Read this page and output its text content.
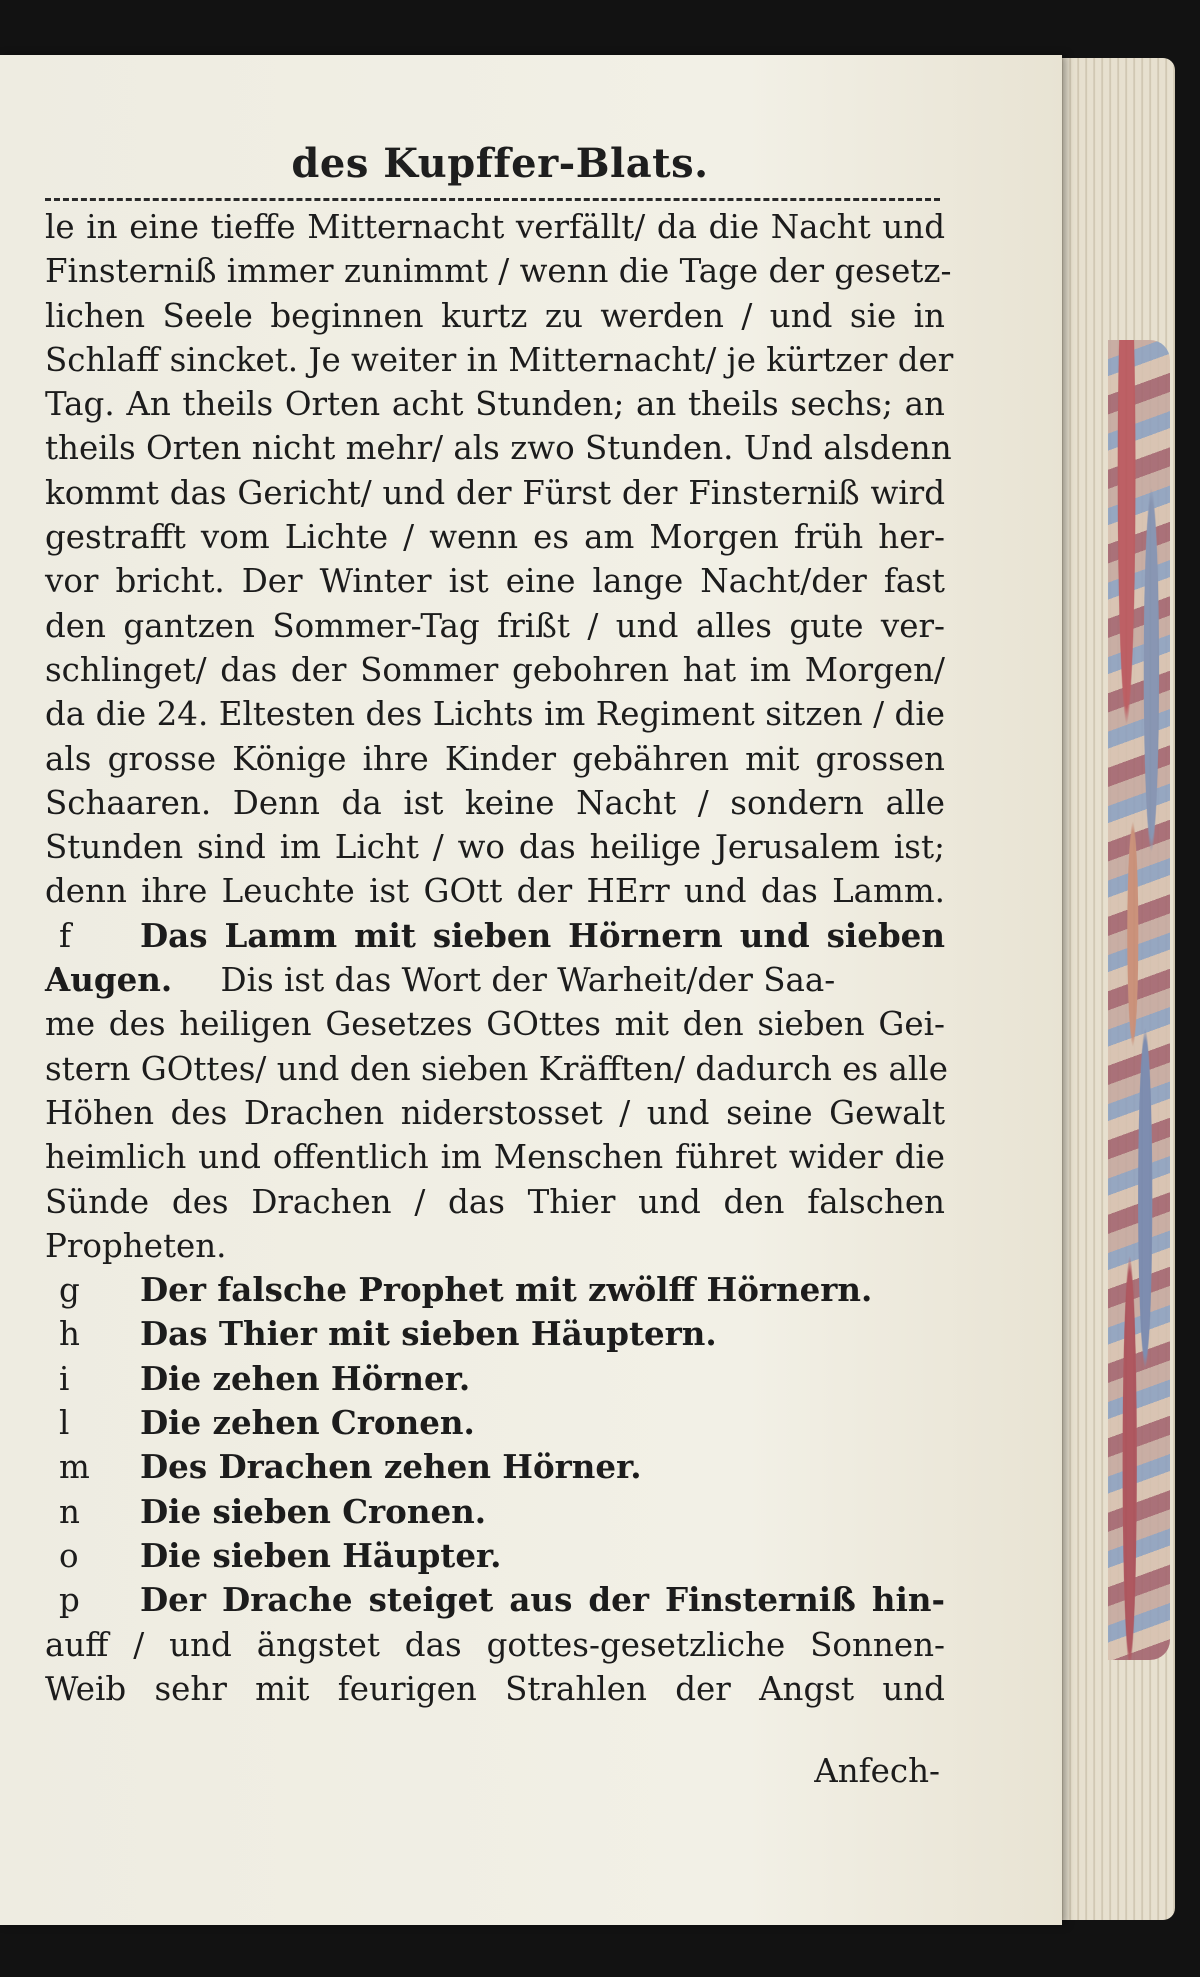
des Kupffer-Blats.
le in eine tieffe Mitternacht verfällt/ da die Nacht und
Finsterniß immer zunimmt / wenn die Tage der gesetz-
lichen Seele beginnen kurtz zu werden / und sie in
Schlaff sincket. Je weiter in Mitternacht/ je kürtzer der
Tag. An theils Orten acht Stunden; an theils sechs; an
theils Orten nicht mehr/ als zwo Stunden. Und alsdenn
kommt das Gericht/ und der Fürst der Finsterniß wird
gestrafft vom Lichte / wenn es am Morgen früh her-
vor bricht. Der Winter ist eine lange Nacht/der fast
den gantzen Sommer-Tag frißt / und alles gute ver-
schlinget/ das der Sommer gebohren hat im Morgen/
da die 24. Eltesten des Lichts im Regiment sitzen / die
als grosse Könige ihre Kinder gebähren mit grossen
Schaaren. Denn da ist keine Nacht / sondern alle
Stunden sind im Licht / wo das heilige Jerusalem ist;
denn ihre Leuchte ist GOtt der HErr und das Lamm.
f	Das Lamm mit sieben Hörnern und sieben
Augen. Dis ist das Wort der Warheit/der Saa-
me des heiligen Gesetzes GOttes mit den sieben Gei-
stern GOttes/ und den sieben Kräfften/ dadurch es alle
Höhen des Drachen niderstosset / und seine Gewalt
heimlich und offentlich im Menschen führet wider die
Sünde des Drachen / das Thier und den falschen
Propheten.
g	Der falsche Prophet mit zwölff Hörnern.
h	Das Thier mit sieben Häuptern.
i	Die zehen Hörner.
l	Die zehen Cronen.
m	Des Drachen zehen Hörner.
n	Die sieben Cronen.
o	Die sieben Häupter.
p	Der Drache steiget aus der Finsterniß hin-
auff / und ängstet das gottes-gesetzliche Sonnen-
Weib sehr mit feurigen Strahlen der Angst und
Anfech-
